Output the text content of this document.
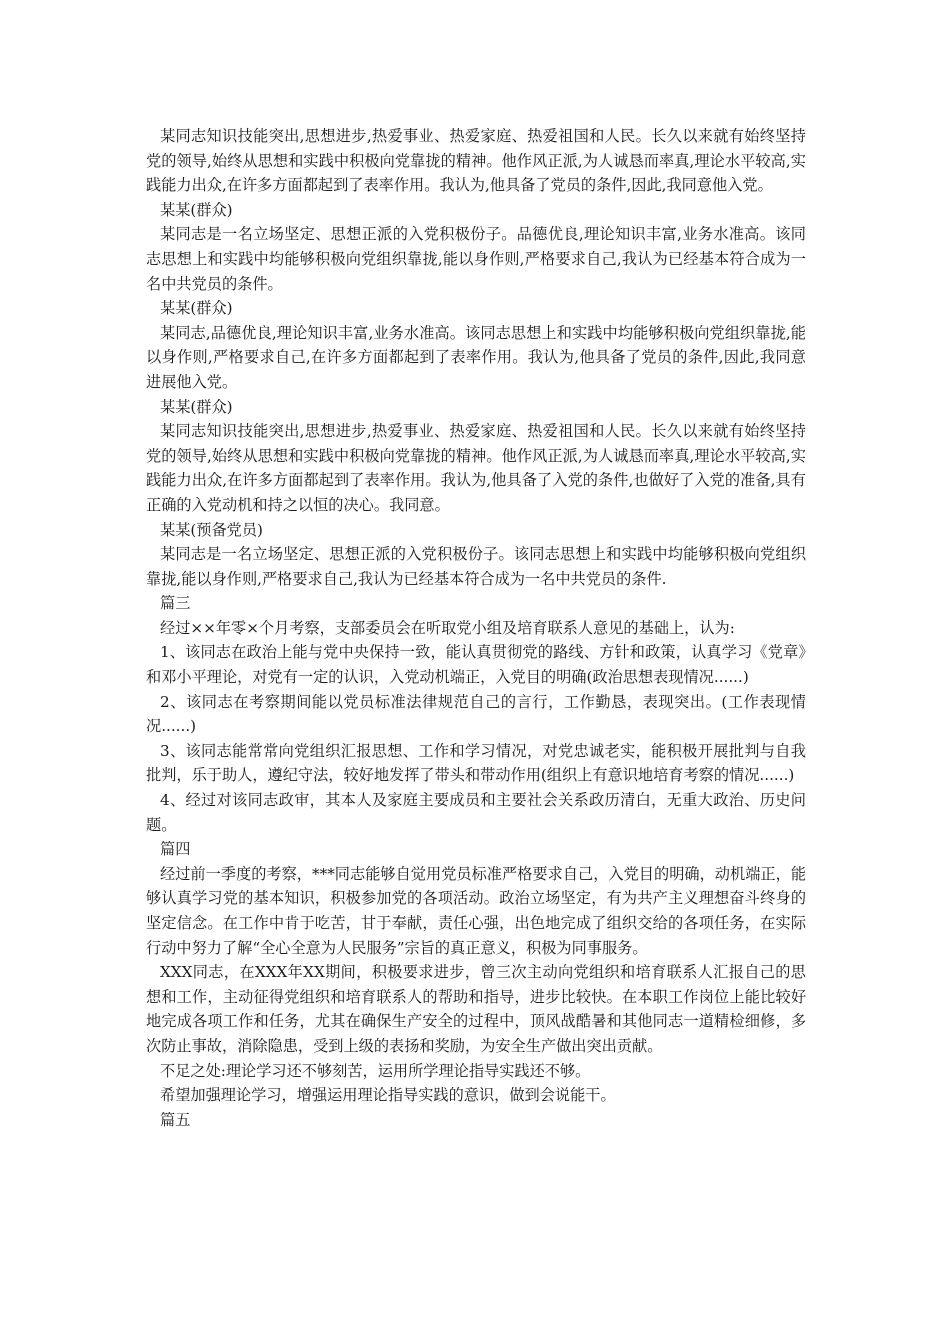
某同志知识技能突出,思想进步,热爱事业、热爱家庭、热爱祖国和人民。长久以来就有始终坚持党的领导,始终从思想和实践中积极向党靠拢的精神。他作风正派,为人诚恳而率真,理论水平较高,实践能力出众,在许多方面都起到了表率作用。我认为,他具备了党员的条件,因此,我同意他入党。

某某(群众)

某同志是一名立场坚定、思想正派的入党积极份子。品德优良,理论知识丰富,业务水准高。该同志思想上和实践中均能够积极向党组织靠拢,能以身作则,严格要求自己,我认为已经基本符合成为一名中共党员的条件。

某某(群众)

某同志,品德优良,理论知识丰富,业务水准高。该同志思想上和实践中均能够积极向党组织靠拢,能以身作则,严格要求自己,在许多方面都起到了表率作用。我认为,他具备了党员的条件,因此,我同意进展他入党。

某某(群众)

某同志知识技能突出,思想进步,热爱事业、热爱家庭、热爱祖国和人民。长久以来就有始终坚持党的领导,始终从思想和实践中积极向党靠拢的精神。他作风正派,为人诚恳而率真,理论水平较高,实践能力出众,在许多方面都起到了表率作用。我认为,他具备了入党的条件,也做好了入党的准备,具有正确的入党动机和持之以恒的决心。我同意。

某某(预备党员)

某同志是一名立场坚定、思想正派的入党积极份子。该同志思想上和实践中均能够积极向党组织靠拢,能以身作则,严格要求自己,我认为已经基本符合成为一名中共党员的条件.

篇三

经过××年零×个月考察，支部委员会在听取党小组及培育联系人意见的基础上，认为:

1、该同志在政治上能与党中央保持一致，能认真贯彻党的路线、方针和政策，认真学习《党章》和邓小平理论，对党有一定的认识，入党动机端正，入党目的明确(政治思想表现情况......)

2、该同志在考察期间能以党员标准法律规范自己的言行，工作勤恳，表现突出。(工作表现情况......)

3、该同志能常常向党组织汇报思想、工作和学习情况，对党忠诚老实，能积极开展批判与自我批判，乐于助人，遵纪守法，较好地发挥了带头和带动作用(组织上有意识地培育考察的情况......)

4、经过对该同志政审，其本人及家庭主要成员和主要社会关系政历清白，无重大政治、历史问题。

篇四

经过前一季度的考察，***同志能够自觉用党员标准严格要求自己，入党目的明确，动机端正，能够认真学习党的基本知识，积极参加党的各项活动。政治立场坚定，有为共产主义理想奋斗终身的坚定信念。在工作中肯于吃苦，甘于奉献，责任心强，出色地完成了组织交给的各项任务，在实际行动中努力了解“全心全意为人民服务”宗旨的真正意义，积极为同事服务。

XXX同志，在XXX年XX期间，积极要求进步，曾三次主动向党组织和培育联系人汇报自己的思想和工作，主动征得党组织和培育联系人的帮助和指导，进步比较快。在本职工作岗位上能比较好地完成各项工作和任务，尤其在确保生产安全的过程中，顶风战酷暑和其他同志一道精检细修，多次防止事故，消除隐患，受到上级的表扬和奖励，为安全生产做出突出贡献。

不足之处:理论学习还不够刻苦，运用所学理论指导实践还不够。

希望加强理论学习，增强运用理论指导实践的意识，做到会说能干。

篇五
